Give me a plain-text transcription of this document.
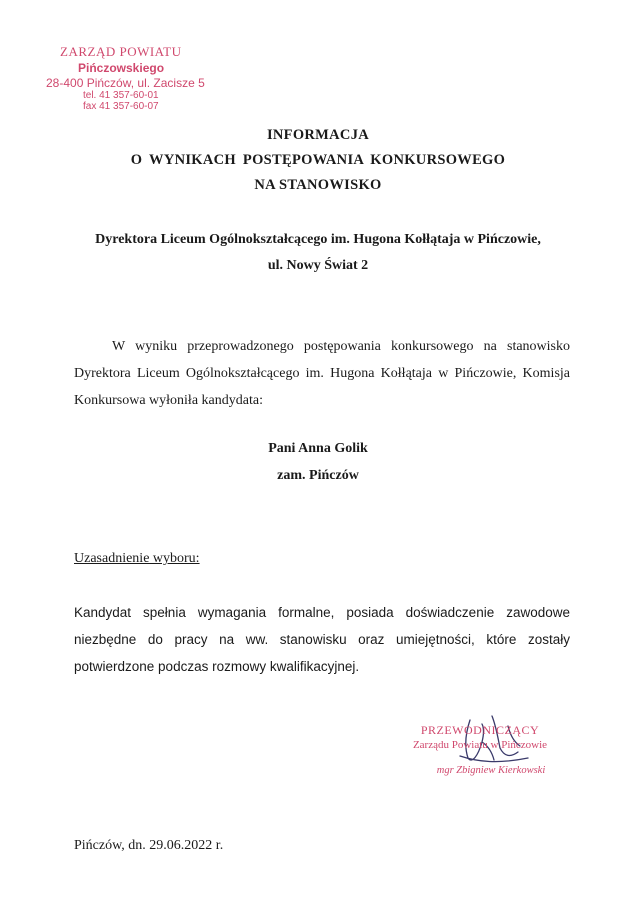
ZARZĄD POWIATU
Pińczowskiego
28-400 Pińczów, ul. Zacisze 5
tel. 41 357-60-01
fax 41 357-60-07
INFORMACJA
O WYNIKACH POSTĘPOWANIA KONKURSOWEGO
NA STANOWISKO
Dyrektora Liceum Ogólnokształcącego im. Hugona Kołłątaja w Pińczowie,
ul. Nowy Świat 2
W wyniku przeprowadzonego postępowania konkursowego na stanowisko Dyrektora Liceum Ogólnokształcącego im. Hugona Kołłątaja w Pińczowie, Komisja Konkursowa wyłoniła kandydata:
Pani Anna Golik
zam. Pińczów
Uzasadnienie wyboru:
Kandydat spełnia wymagania formalne, posiada doświadczenie zawodowe niezbędne do pracy na ww. stanowisku oraz umiejętności, które zostały potwierdzone podczas rozmowy kwalifikacyjnej.
PRZEWODNICZĄCY
Zarządu Powiatu w Pińczowie
mgr Zbigniew Kierkowski
Pińczów, dn. 29.06.2022 r.
